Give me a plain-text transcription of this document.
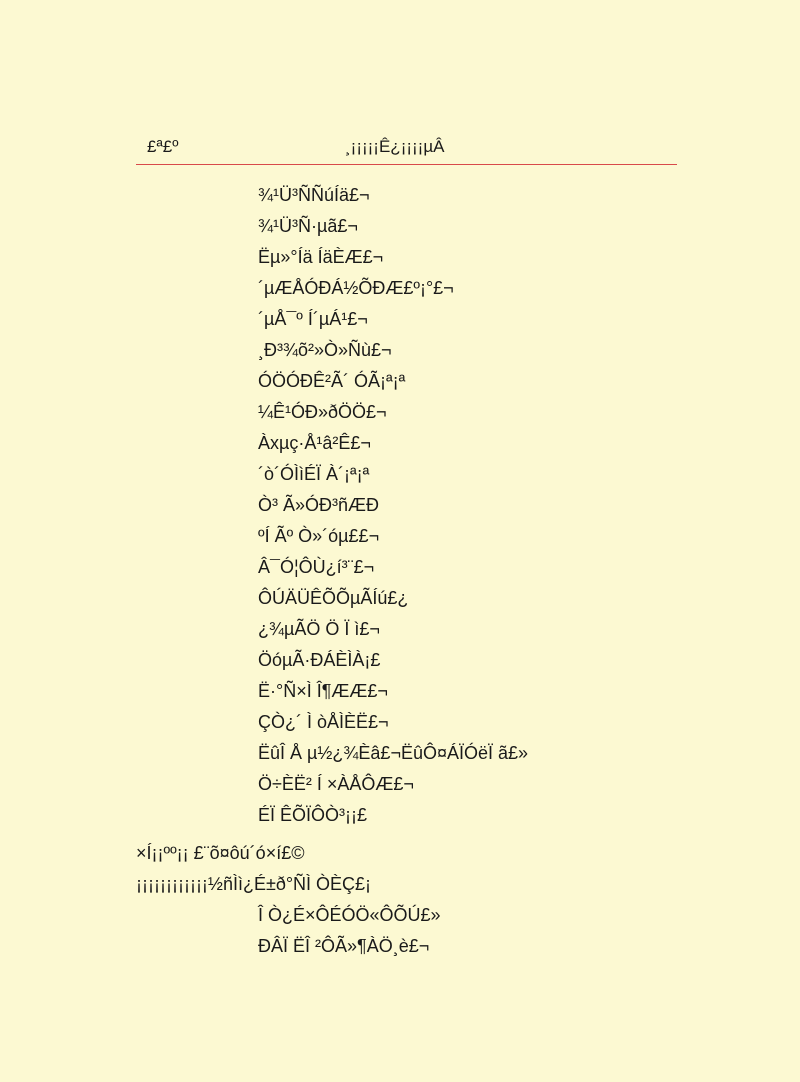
£ª£º	¸¡¡¡¡¡Ê¿¡¡¡¡µÂ
¾¹Ü³ÑÑúÍä£¬
¾¹Ü³Ñ·µã£¬
Ëµ»°Íä ÍäÈÆ£¬
´µÆÅÓÐÁ½ÕÐÆ£º¡°£¬
´µÅ¯º Í´µÁ¹£¬
¸Ð³¾õ²»Ò»Ñù£¬
ÓÖÓÐÊ²Ã´ ÓÃ¡ª¡ª
¼Ê¹ÓÐ»ðÖÖ£¬
Àxµç·Å¹â²Ê£¬
´ò´ÓÌìÉÏ À´¡ª¡ª
Ò³ Ã»ÓÐ³ñÆÐ
ºÍ Ãº Ò»´óµ££¬
Â¯Ó¦ÔÙ¿í³¨£¬
ÔÚÄÜÊÕÕµÃÍú£¿
¿¾µÃÖ Ö Ï ì£¬
ÖóµÃ·ÐÁÈÌÀ¡£
Ë·°Ñ×Ì Î¶ÆÆ£¬
ÇÒ¿´ Ì òÅÌÈË£¬
ËûÎ Å µ½¿¾Èâ£¬ËûÔ¤ÁÏÓëÏ ã£»
Ö÷ÈË² Í ×ÀÅÔÆ£¬
ÉÏ ÊÕÏÔÒ³¡¡£
×Í¡¡ºº¡¡ £¨õ¤ôú´ó×í£©
¡¡¡¡¡¡¡¡¡¡¡¡½ñÌì¿É±ð°ÑÌ ÒÈÇ£¡
Î Ò¿É×ÔÉÓÖ«ÔÕÚ£»
ÐÂÏ ËÎ ²ÔÃ»¶ÀÖ¸è£¬
